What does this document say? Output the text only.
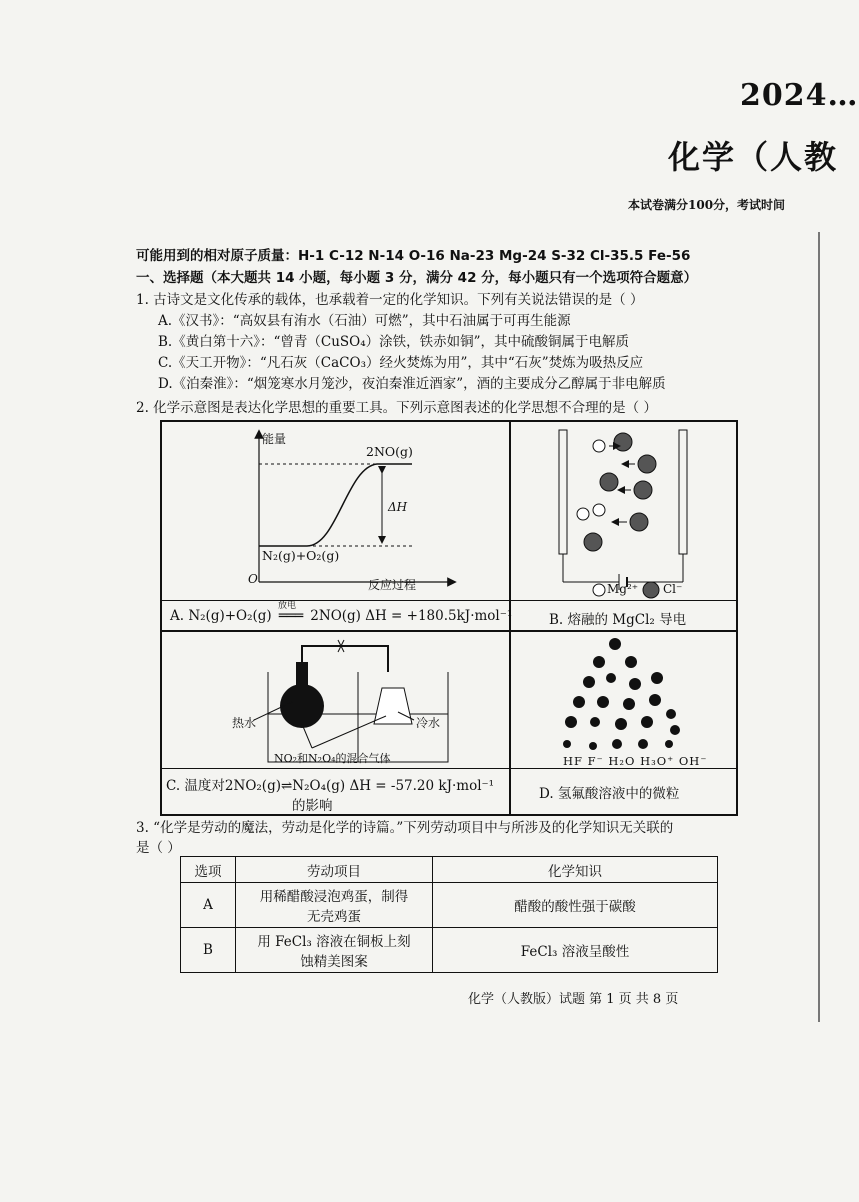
2024…
化学（人教
本试卷满分100分，考试时间
可能用到的相对原子质量：H-1 C-12 N-14 O-16 Na-23 Mg-24 S-32 Cl-35.5 Fe-56
一、选择题（本大题共 14 小题，每小题 3 分，满分 42 分，每小题只有一个选项符合题意）
1. 古诗文是文化传承的载体，也承载着一定的化学知识。下列有关说法错误的是（ ）
A.《汉书》：“高奴县有洧水（石油）可燃”，其中石油属于可再生能源
B.《黄白第十六》：“曾青（CuSO₄）涂铁，铁赤如铜”，其中硫酸铜属于电解质
C.《天工开物》：“凡石灰（CaCO₃）经火焚炼为用”，其中“石灰”焚炼为吸热反应
D.《泊秦淮》：“烟笼寒水月笼沙，夜泊秦淮近酒家”，酒的主要成分乙醇属于非电解质
2. 化学示意图是表达化学思想的重要工具。下列示意图表述的化学思想不合理的是（ ）
能量
2NO(g)
ΔH
N₂(g)+O₂(g)
O	反应过程
A. N₂(g)+O₂(g)
放电
═══ 2NO(g) ΔH = +180.5kJ·mol⁻¹
Mg²⁺ Cl⁻
B. 熔融的 MgCl₂ 导电
热水	冷水
NO₂和N₂O₄的混合气体
C. 温度对2NO₂(g)⇌N₂O₄(g) ΔH = -57.20 kJ·mol⁻¹
的影响
HF F⁻ H₂O H₃O⁺ OH⁻
D. 氢氟酸溶液中的微粒
3. “化学是劳动的魔法，劳动是化学的诗篇。”下列劳动项目中与所涉及的化学知识无关联的
是（ ）
选项	劳动项目	化学知识
A	用稀醋酸浸泡鸡蛋，制得
无壳鸡蛋	醋酸的酸性强于碳酸
B	用 FeCl₃ 溶液在铜板上刻
蚀精美图案	FeCl₃ 溶液呈酸性
化学（人教版）试题 第 1 页 共 8 页
